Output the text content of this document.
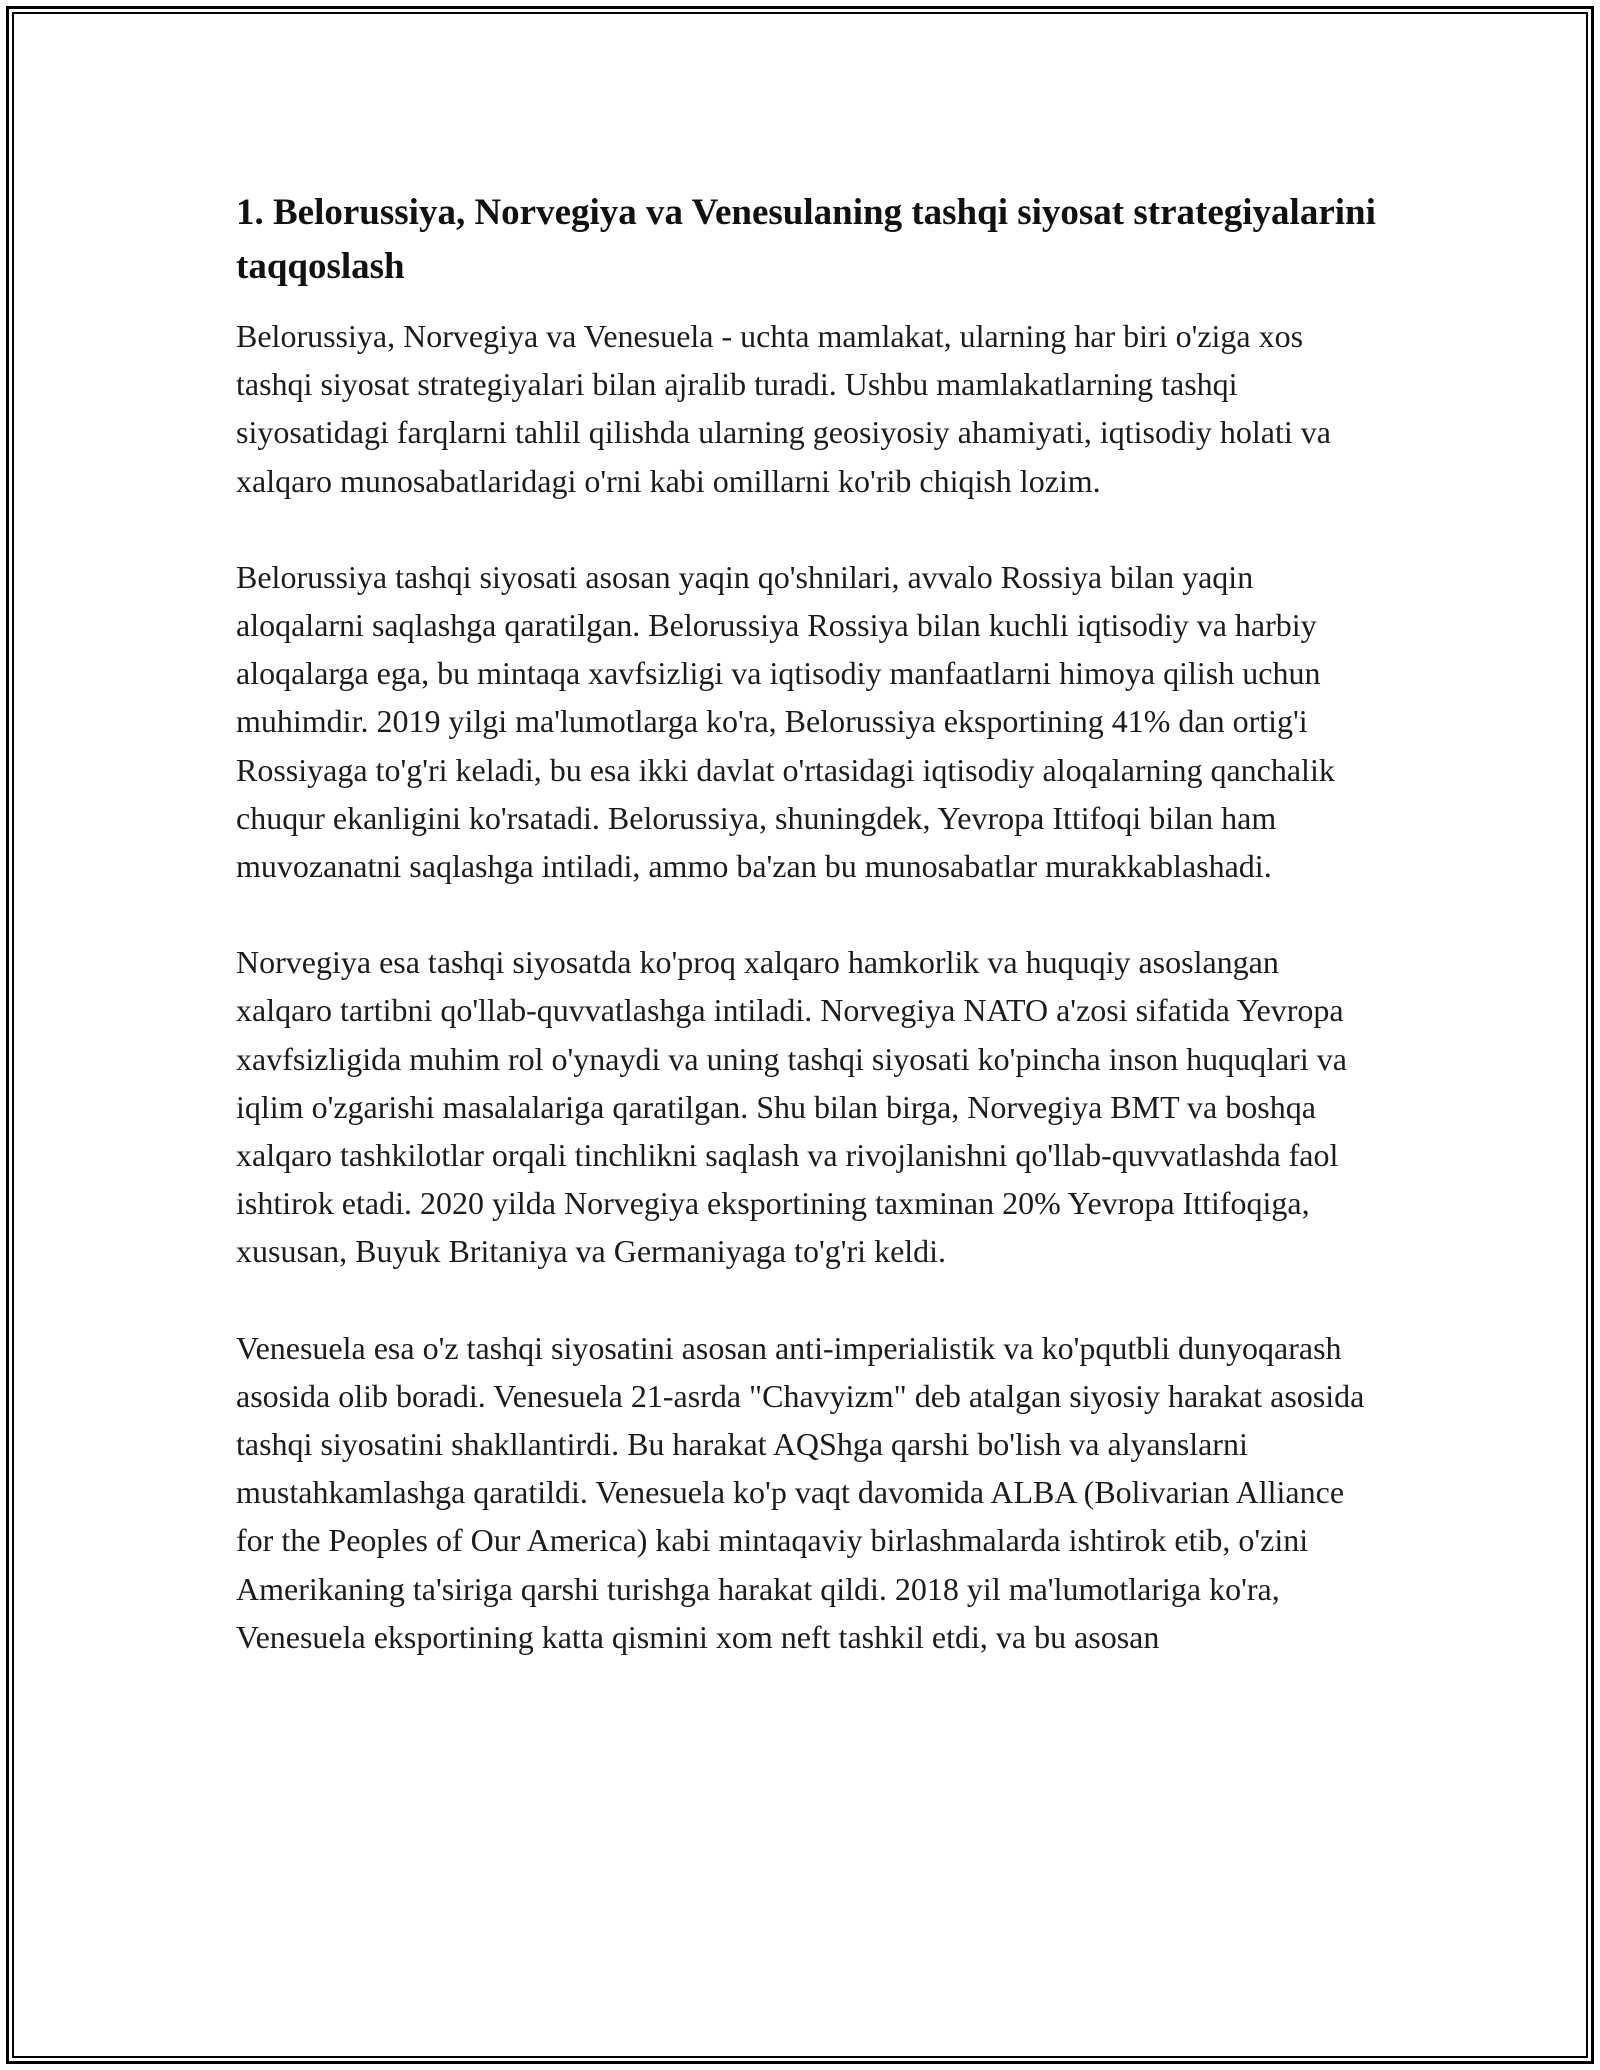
1. Belorussiya, Norvegiya va Venesulaning tashqi siyosat strategiyalarini taqqoslash

Belorussiya, Norvegiya va Venesuela - uchta mamlakat, ularning har biri o'ziga xos tashqi siyosat strategiyalari bilan ajralib turadi. Ushbu mamlakatlarning tashqi siyosatidagi farqlarni tahlil qilishda ularning geosiyosiy ahamiyati, iqtisodiy holati va xalqaro munosabatlaridagi o'rni kabi omillarni ko'rib chiqish lozim.

Belorussiya tashqi siyosati asosan yaqin qo'shnilari, avvalo Rossiya bilan yaqin aloqalarni saqlashga qaratilgan. Belorussiya Rossiya bilan kuchli iqtisodiy va harbiy aloqalarga ega, bu mintaqa xavfsizligi va iqtisodiy manfaatlarni himoya qilish uchun muhimdir. 2019 yilgi ma'lumotlarga ko'ra, Belorussiya eksportining 41% dan ortig'i Rossiyaga to'g'ri keladi, bu esa ikki davlat o'rtasidagi iqtisodiy aloqalarning qanchalik chuqur ekanligini ko'rsatadi. Belorussiya, shuningdek, Yevropa Ittifoqi bilan ham muvozanatni saqlashga intiladi, ammo ba'zan bu munosabatlar murakkablashadi.

Norvegiya esa tashqi siyosatda ko'proq xalqaro hamkorlik va huquqiy asoslangan xalqaro tartibni qo'llab-quvvatlashga intiladi. Norvegiya NATO a'zosi sifatida Yevropa xavfsizligida muhim rol o'ynaydi va uning tashqi siyosati ko'pincha inson huquqlari va iqlim o'zgarishi masalalariga qaratilgan. Shu bilan birga, Norvegiya BMT va boshqa xalqaro tashkilotlar orqali tinchlikni saqlash va rivojlanishni qo'llab-quvvatlashda faol ishtirok etadi. 2020 yilda Norvegiya eksportining taxminan 20% Yevropa Ittifoqiga, xususan, Buyuk Britaniya va Germaniyaga to'g'ri keldi.

Venesuela esa o'z tashqi siyosatini asosan anti-imperialistik va ko'pqutbli dunyoqarash asosida olib boradi. Venesuela 21-asrda "Chavyizm" deb atalgan siyosiy harakat asosida tashqi siyosatini shakllantirdi. Bu harakat AQShga qarshi bo'lish va alyanslarni mustahkamlashga qaratildi. Venesuela ko'p vaqt davomida ALBA (Bolivarian Alliance for the Peoples of Our America) kabi mintaqaviy birlashmalarda ishtirok etib, o'zini Amerikaning ta'siriga qarshi turishga harakat qildi. 2018 yil ma'lumotlariga ko'ra, Venesuela eksportining katta qismini xom neft tashkil etdi, va bu asosan
